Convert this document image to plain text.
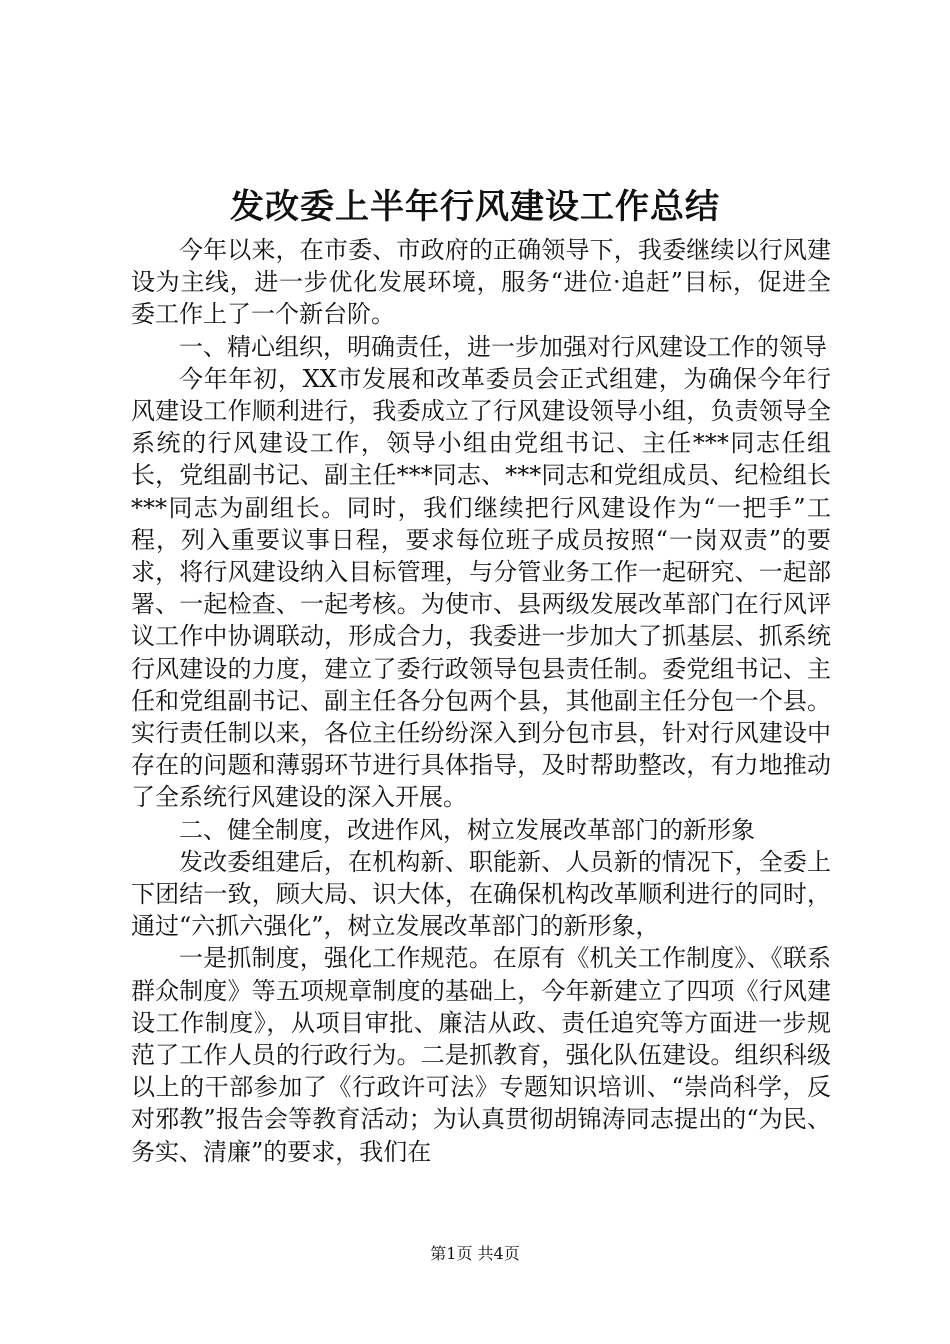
发改委上半年行风建设工作总结

今年以来，在市委、市政府的正确领导下，我委继续以行风建设为主线，进一步优化发展环境，服务“进位·追赶”目标，促进全委工作上了一个新台阶。

一、精心组织，明确责任，进一步加强对行风建设工作的领导

今年年初，XX市发展和改革委员会正式组建，为确保今年行风建设工作顺利进行，我委成立了行风建设领导小组，负责领导全系统的行风建设工作，领导小组由党组书记、主任***同志任组长，党组副书记、副主任***同志、***同志和党组成员、纪检组长***同志为副组长。同时，我们继续把行风建设作为“一把手”工程，列入重要议事日程，要求每位班子成员按照“一岗双责”的要求，将行风建设纳入目标管理，与分管业务工作一起研究、一起部署、一起检查、一起考核。为使市、县两级发展改革部门在行风评议工作中协调联动，形成合力，我委进一步加大了抓基层、抓系统行风建设的力度，建立了委行政领导包县责任制。委党组书记、主任和党组副书记、副主任各分包两个县，其他副主任分包一个县。实行责任制以来，各位主任纷纷深入到分包市县，针对行风建设中存在的问题和薄弱环节进行具体指导，及时帮助整改，有力地推动了全系统行风建设的深入开展。

二、健全制度，改进作风，树立发展改革部门的新形象

发改委组建后，在机构新、职能新、人员新的情况下，全委上下团结一致，顾大局、识大体，在确保机构改革顺利进行的同时，通过“六抓六强化”，树立发展改革部门的新形象，

一是抓制度，强化工作规范。在原有《机关工作制度》、《联系群众制度》等五项规章制度的基础上，今年新建立了四项《行风建设工作制度》，从项目审批、廉洁从政、责任追究等方面进一步规范了工作人员的行政行为。二是抓教育，强化队伍建设。组织科级以上的干部参加了《行政许可法》专题知识培训、“崇尚科学，反对邪教”报告会等教育活动；为认真贯彻胡锦涛同志提出的“为民、务实、清廉”的要求，我们在

第1页 共4页
